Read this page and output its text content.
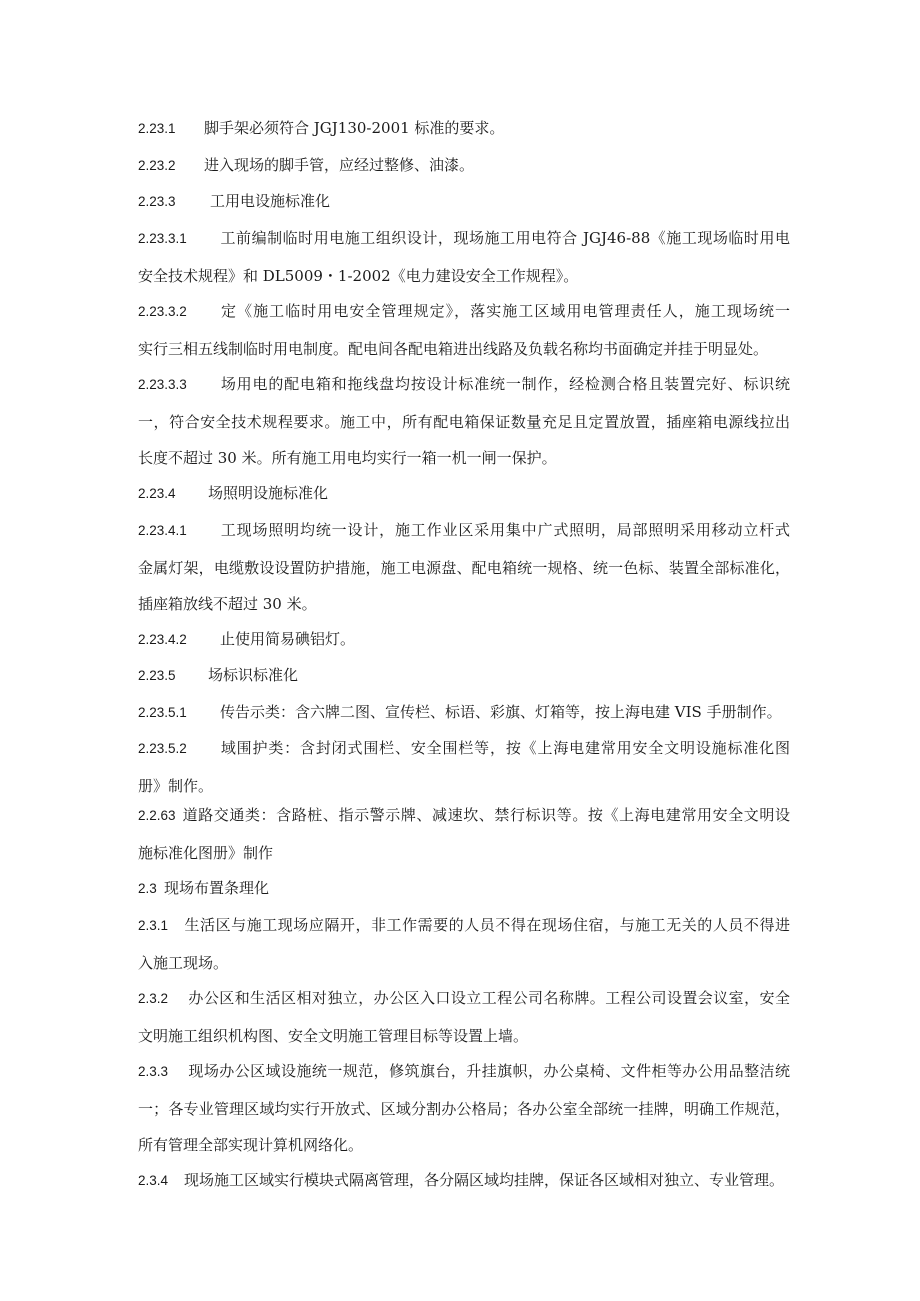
2.23.1 脚手架必须符合 JGJ130-2001 标准的要求。
2.23.2 进入现场的脚手管，应经过整修、油漆。
2.23.3 工用电设施标准化
2.23.3.1 工前编制临时用电施工组织设计，现场施工用电符合 JGJ46-88《施工现场临时用电
安全技术规程》和 DL5009・1-2002《电力建设安全工作规程》。
2.23.3.2 定《施工临时用电安全管理规定》，落实施工区域用电管理责任人，施工现场统一
实行三相五线制临时用电制度。配电间各配电箱进出线路及负载名称均书面确定并挂于明显处。
2.23.3.3 场用电的配电箱和拖线盘均按设计标准统一制作，经检测合格且装置完好、标识统
一，符合安全技术规程要求。施工中，所有配电箱保证数量充足且定置放置，插座箱电源线拉出
长度不超过 30 米。所有施工用电均实行一箱一机一闸一保护。
2.23.4 场照明设施标准化
2.23.4.1 工现场照明均统一设计，施工作业区采用集中广式照明，局部照明采用移动立杆式
金属灯架，电缆敷设设置防护措施，施工电源盘、配电箱统一规格、统一色标、装置全部标准化，
插座箱放线不超过 30 米。
2.23.4.2 止使用简易碘铝灯。
2.23.5 场标识标准化
2.23.5.1 传告示类：含六牌二图、宣传栏、标语、彩旗、灯箱等，按上海电建 VIS 手册制作。
2.23.5.2 域围护类：含封闭式围栏、安全围栏等，按《上海电建常用安全文明设施标准化图
册》制作。
2.2.63 道路交通类：含路桩、指示警示牌、减速坎、禁行标识等。按《上海电建常用安全文明设
施标准化图册》制作
2.3 现场布置条理化
2.3.1 生活区与施工现场应隔开，非工作需要的人员不得在现场住宿，与施工无关的人员不得进
入施工现场。
2.3.2 办公区和生活区相对独立，办公区入口设立工程公司名称牌。工程公司设置会议室，安全
文明施工组织机构图、安全文明施工管理目标等设置上墙。
2.3.3 现场办公区域设施统一规范，修筑旗台，升挂旗帜，办公桌椅、文件柜等办公用品整洁统
一；各专业管理区域均实行开放式、区域分割办公格局；各办公室全部统一挂牌，明确工作规范，
所有管理全部实现计算机网络化。
2.3.4 现场施工区域实行模块式隔离管理，各分隔区域均挂牌，保证各区域相对独立、专业管理。
